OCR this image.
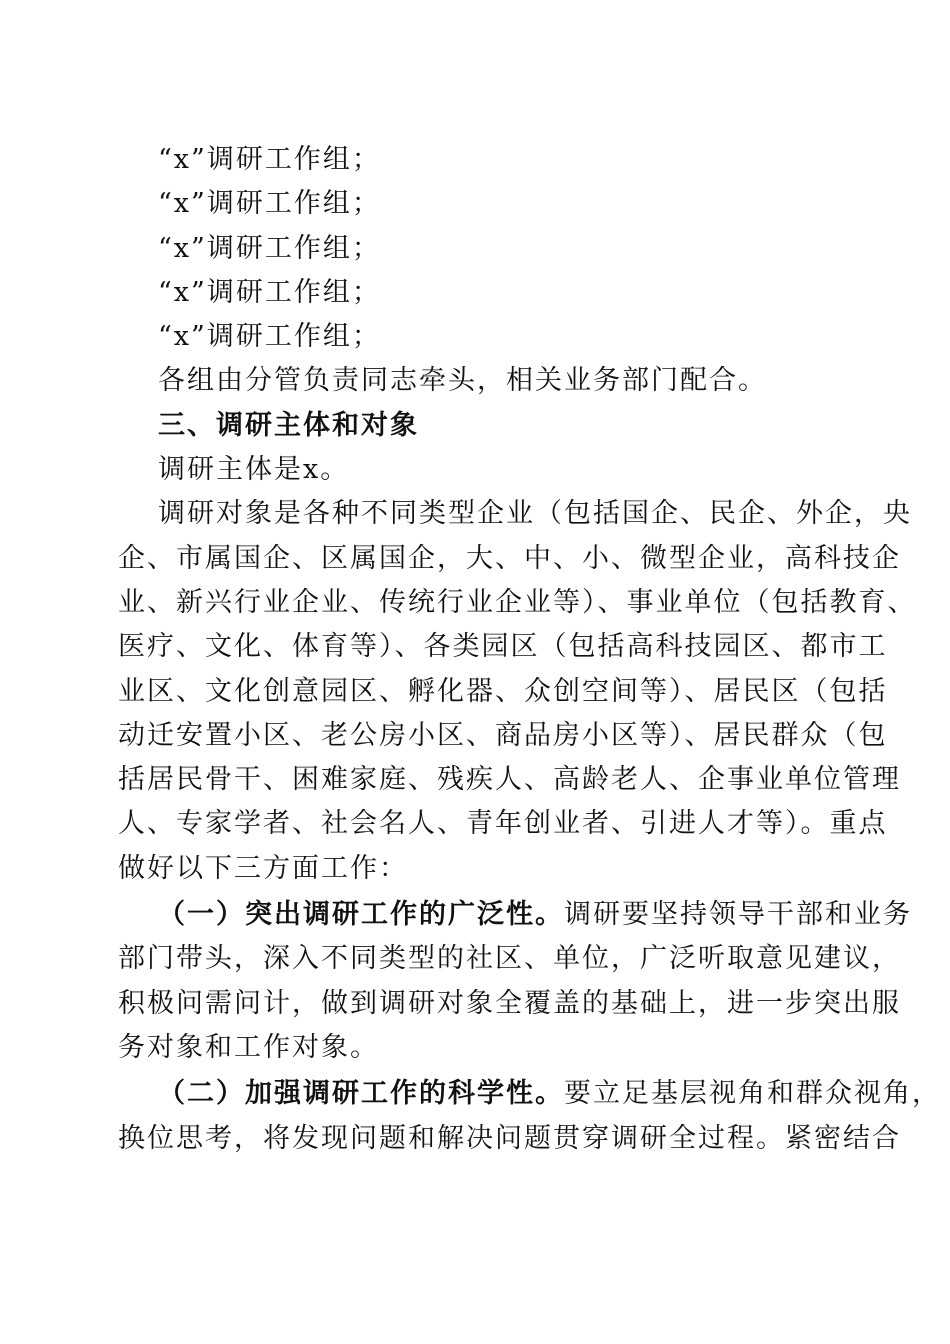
“x”调研工作组；
“x”调研工作组；
“x”调研工作组；
“x”调研工作组；
“x”调研工作组；
各组由分管负责同志牵头，相关业务部门配合。
三、调研主体和对象
调研主体是x。
调研对象是各种不同类型企业（包括国企、民企、外企，央
企、市属国企、区属国企，大、中、小、微型企业，高科技企
业、新兴行业企业、传统行业企业等）、事业单位（包括教育、
医疗、文化、体育等）、各类园区（包括高科技园区、都市工
业区、文化创意园区、孵化器、众创空间等）、居民区（包括
动迁安置小区、老公房小区、商品房小区等）、居民群众（包
括居民骨干、困难家庭、残疾人、高龄老人、企事业单位管理
人、专家学者、社会名人、青年创业者、引进人才等）。重点
做好以下三方面工作：
（一）突出调研工作的广泛性。调研要坚持领导干部和业务
部门带头，深入不同类型的社区、单位，广泛听取意见建议，
积极问需问计，做到调研对象全覆盖的基础上，进一步突出服
务对象和工作对象。
（二）加强调研工作的科学性。要立足基层视角和群众视角，
换位思考，将发现问题和解决问题贯穿调研全过程。紧密结合
